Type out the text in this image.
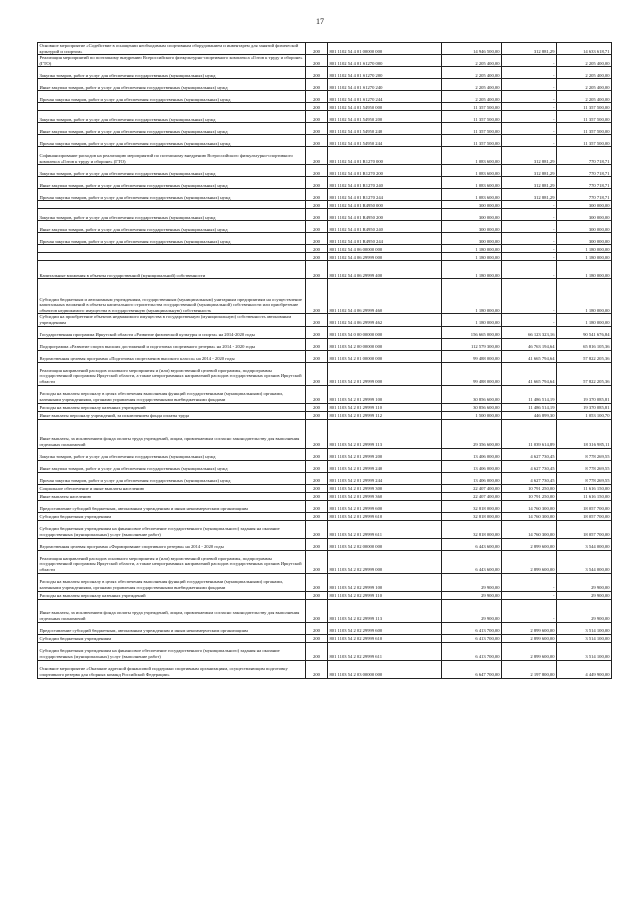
17
Основное мероприятие «Содействие в оснащении необходимым спортивным оборудованием и инвентарем для занятий физической культурой и спортом»	200	801 1102 54 4 01 00000 000	14 946 500,00	312 881,29	14 633 618,71
Реализация мероприятий по поэтапному внедрению Всероссийского физкультурно-спортивного комплекса «Готов к труду и обороне» (ГТО)	200	801 1102 54 4 01 S1270 000	2 205 400,00	-	2 205 400,00
Закупка товаров, работ и услуг для обеспечения государственных (муниципальных) нужд	200	801 1102 54 4 01 S1270 200	2 205 400,00	-	2 205 400,00
Иные закупки товаров, работ и услуг для обеспечения государственных (муниципальных) нужд	200	801 1102 54 4 01 S1270 240	2 205 400,00	-	2 205 400,00
Прочая закупка товаров, работ и услуг для обеспечения государственных (муниципальных) нужд	200	801 1102 54 4 01 S1270 244	2 205 400,00	-	2 205 400,00
	200	801 1102 54 4 01 54950 000	11 357 500,00	-	11 357 500,00
Закупка товаров, работ и услуг для обеспечения государственных (муниципальных) нужд	200	801 1102 54 4 01 54950 200	11 357 500,00	-	11 357 500,00
Иные закупки товаров, работ и услуг для обеспечения государственных (муниципальных) нужд	200	801 1102 54 4 01 54950 240	11 357 500,00	-	11 357 500,00
Прочая закупка товаров, работ и услуг для обеспечения государственных (муниципальных) нужд	200	801 1102 54 4 01 54950 244	11 357 500,00	-	11 357 500,00
Софинансирование расходов на реализацию мероприятий по поэтапному внедрению Всероссийского физкультурно-спортивного комплекса «Готов к труду и обороне» (ГТО)	200	801 1102 54 4 01 R1270 000	1 083 600,00	312 881,29	770 718,71
Закупка товаров, работ и услуг для обеспечения государственных (муниципальных) нужд	200	801 1102 54 4 01 R1270 200	1 083 600,00	312 881,29	770 718,71
Иные закупки товаров, работ и услуг для обеспечения государственных (муниципальных) нужд	200	801 1102 54 4 01 R1270 240	1 083 600,00	312 881,29	770 718,71
Прочая закупка товаров, работ и услуг для обеспечения государственных (муниципальных) нужд	200	801 1102 54 4 01 R1270 244	1 083 600,00	312 881,29	770 718,71
	200	801 1102 54 4 01 R4950 000	300 000,00	-	300 000,00
Закупка товаров, работ и услуг для обеспечения государственных (муниципальных) нужд	200	801 1102 54 4 01 R4950 200	300 000,00	-	300 000,00
Иные закупки товаров, работ и услуг для обеспечения государственных (муниципальных) нужд	200	801 1102 54 4 01 R4950 240	300 000,00	-	300 000,00
Прочая закупка товаров, работ и услуг для обеспечения государственных (муниципальных) нужд	200	801 1102 54 4 01 R4950 244	300 000,00	-	300 000,00
	200	801 1102 54 4 06 00000 000	1 180 000,00	-	1 180 000,00
	200	801 1102 54 4 06 29999 000	1 180 000,00	-	1 180 000,00
Капитальные вложения в объекты государственной (муниципальной) собственности	200	801 1102 54 4 06 29999 400	1 180 000,00	-	1 180 000,00
Субсидии бюджетным и автономным учреждениям, государственным (муниципальным) унитарным предприятиям на осуществление капитальных вложений в объекты капитального строительства государственной (муниципальной) собственности или приобретение объектов недвижимого имущества в государственную (муниципальную) собственность	200	801 1102 54 4 06 29999 460	1 180 000,00	-	1 180 000,00
Субсидии на приобретение объектов недвижимого имущества в государственную (муниципальную) собственность автономным учреждениям	200	801 1102 54 4 06 29999 462	1 180 000,00	-	1 180 000,00
Государственная программа Иркутской области «Развитие физической культуры и спорта» на 2014-2020 годы	200	801 1103 54 0 00 00000 000	156 665 000,00	66 123 323,16	90 541 676,84
Подпрограмма «Развитие спорта высших достижений и подготовка спортивного резерва» на 2014 - 2020 годы	200	801 1103 54 2 00 00000 000	112 579 300,00	46 763 194,64	65 816 105,36
Ведомственная целевая программа «Подготовка спортсменов высокого класса» на 2014 - 2020 годы	200	801 1103 54 2 01 00000 000	99 488 000,00	41 665 794,64	57 822 205,36
Реализация направлений расходов основного мероприятия и (или) ведомственной целевой программы, подпрограммы государственной программы Иркутской области, а также непрограммных направлений расходов государственных органов Иркутской области	200	801 1103 54 2 01 29999 000	99 488 000,00	41 665 794,64	57 822 205,36
Расходы на выплаты персоналу в целях обеспечения выполнения функций государственными (муниципальными) органами, казенными учреждениями, органами управления государственными внебюджетными фондами	200	801 1103 54 2 01 29999 100	30 856 600,00	11 486 514,19	19 370 085,81
Расходы на выплаты персоналу казенных учреждений	200	801 1103 54 2 01 29999 110	30 856 600,00	11 486 514,19	19 370 085,81
Иные выплаты персоналу учреждений, за исключением фонда оплаты труда	200	801 1103 54 2 01 29999 112	1 500 000,00	446 899,30	1 053 100,70
Иные выплаты, за исключением фонда оплаты труда учреждений, лицам, привлекаемым согласно законодательству для выполнения отдельных полномочий	200	801 1103 54 2 01 29999 113	29 356 600,00	11 039 614,89	18 316 985,11
Закупка товаров, работ и услуг для обеспечения государственных (муниципальных) нужд	200	801 1103 54 2 01 29999 200	13 406 000,00	4 627 730,45	8 778 269,55
Иные закупки товаров, работ и услуг для обеспечения государственных (муниципальных) нужд	200	801 1103 54 2 01 29999 240	13 406 000,00	4 627 730,45	8 778 269,55
Прочая закупка товаров, работ и услуг для обеспечения государственных (муниципальных) нужд	200	801 1103 54 2 01 29999 244	13 406 000,00	4 627 730,45	8 778 269,55
Социальное обеспечение и иные выплаты населению	200	801 1103 54 2 01 29999 300	22 407 400,00	10 791 250,00	11 616 150,00
Иные выплаты населению	200	801 1103 54 2 01 29999 360	22 407 400,00	10 791 250,00	11 616 150,00
Предоставление субсидий бюджетным, автономным учреждениям и иным некоммерческим организациям	200	801 1103 54 2 01 29999 600	32 818 000,00	14 760 300,00	18 057 700,00
Субсидии бюджетным учреждениям	200	801 1103 54 2 01 29999 610	32 818 000,00	14 760 300,00	18 057 700,00
Субсидии бюджетным учреждениям на финансовое обеспечение государственного (муниципального) задания на оказание государственных (муниципальных) услуг (выполнение работ)	200	801 1103 54 2 01 29999 611	32 818 000,00	14 760 300,00	18 057 700,00
Ведомственная целевая программа «Формирование спортивного резерва» на 2014 - 2020 годы	200	801 1103 54 2 02 00000 000	6 443 600,00	2 899 600,00	3 544 000,00
Реализация направлений расходов основного мероприятия и (или) ведомственной целевой программы, подпрограммы государственной программы Иркутской области, а также непрограммных направлений расходов государственных органов Иркутской области	200	801 1103 54 2 02 29999 000	6 443 600,00	2 899 600,00	3 544 000,00
Расходы на выплаты персоналу в целях обеспечения выполнения функций государственными (муниципальными) органами, казенными учреждениями, органами управления государственными внебюджетными фондами	200	801 1103 54 2 02 29999 100	29 900,00	-	29 900,00
Расходы на выплаты персоналу казенных учреждений	200	801 1103 54 2 02 29999 110	29 900,00	-	29 900,00
Иные выплаты, за исключением фонда оплаты труда учреждений, лицам, привлекаемым согласно законодательству для выполнения отдельных полномочий	200	801 1103 54 2 02 29999 113	29 900,00	-	29 900,00
Предоставление субсидий бюджетным, автономным учреждениям и иным некоммерческим организациям	200	801 1103 54 2 02 29999 600	6 413 700,00	2 899 600,00	3 514 100,00
Субсидии бюджетным учреждениям	200	801 1103 54 2 02 29999 610	6 413 700,00	2 899 600,00	3 514 100,00
Субсидии бюджетным учреждениям на финансовое обеспечение государственного (муниципального) задания на оказание государственных (муниципальных) услуг (выполнение работ)	200	801 1103 54 2 02 29999 611	6 413 700,00	2 899 600,00	3 514 100,00
Основное мероприятие «Оказание адресной финансовой поддержки спортивным организациям, осуществляющим подготовку спортивного резерва для сборных команд Российской Федерации»	200	801 1103 54 2 03 00000 000	6 647 700,00	2 197 800,00	4 449 900,00
